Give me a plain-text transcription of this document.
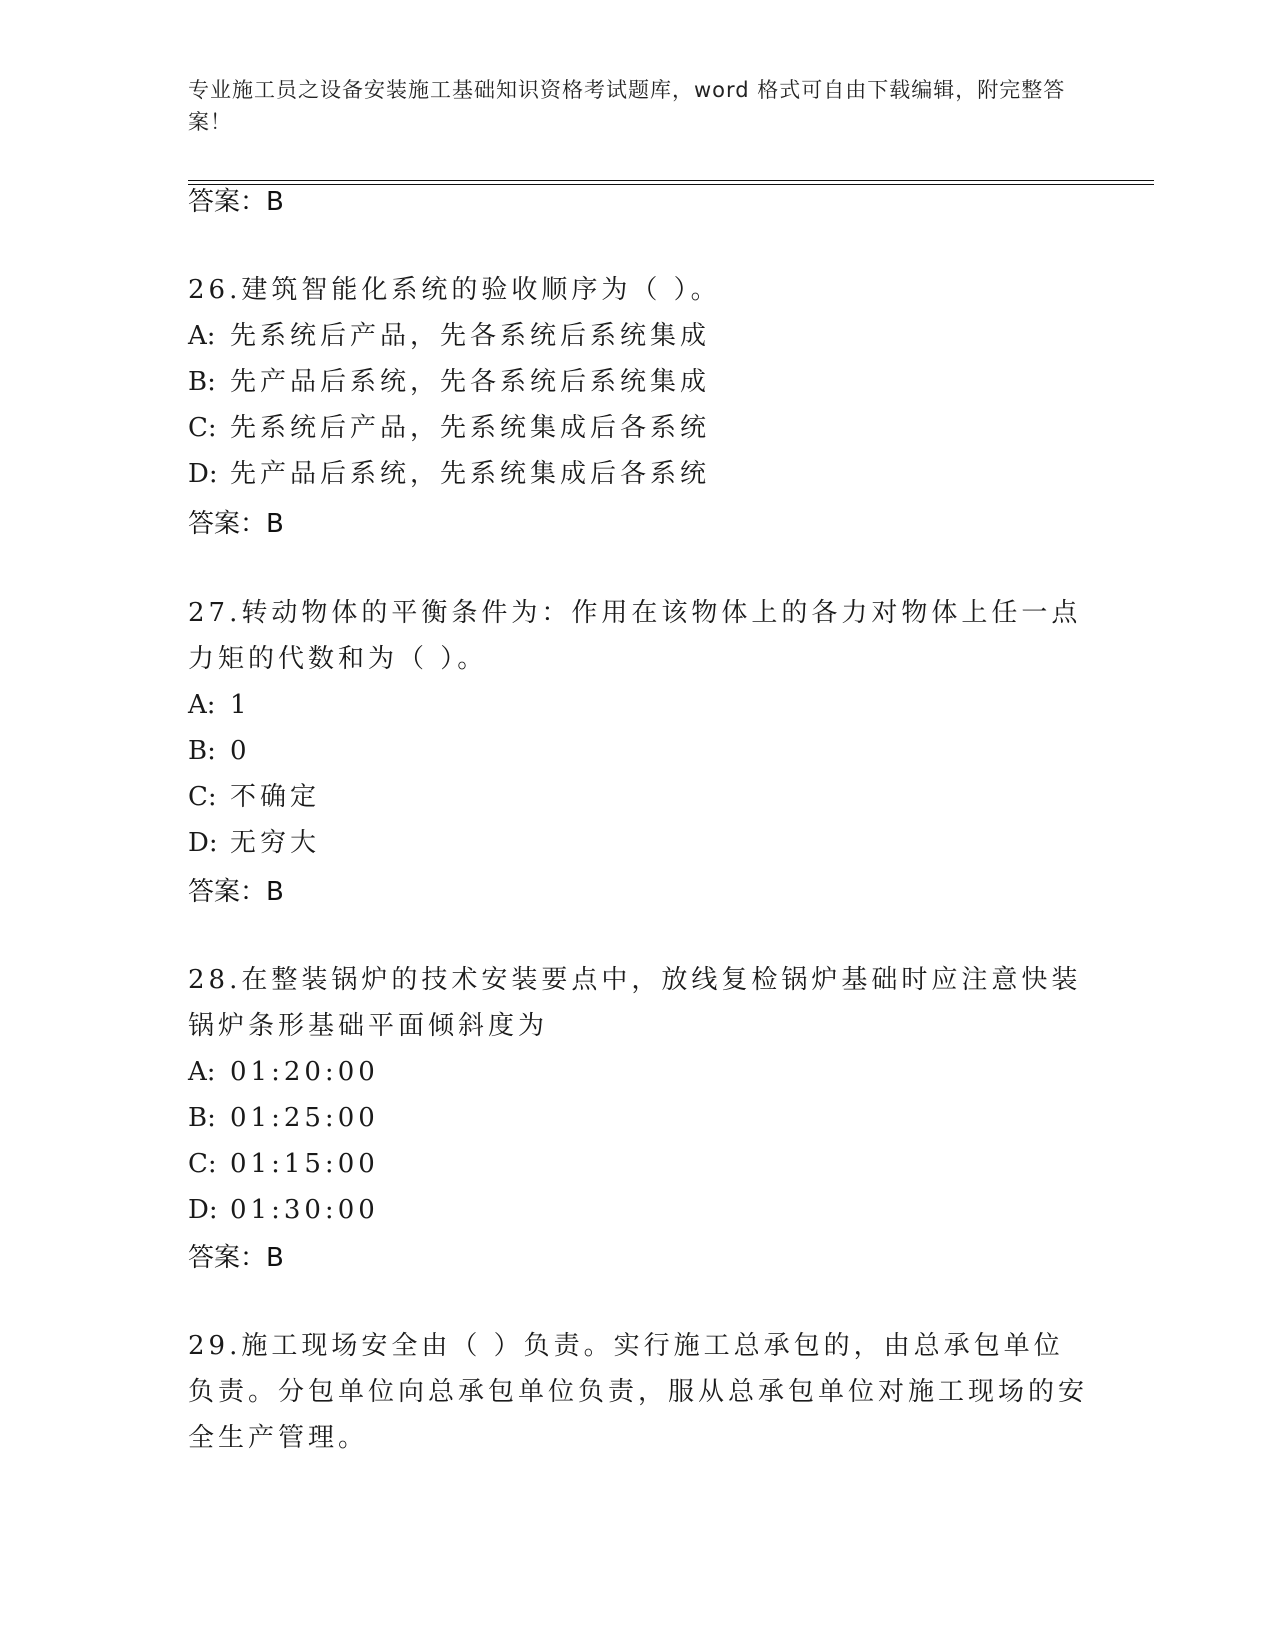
专业施工员之设备安装施工基础知识资格考试题库，word 格式可自由下载编辑，附完整答案！
答案：B

26.建筑智能化系统的验收顺序为（ ）。

A: 先系统后产品，先各系统后系统集成
B: 先产品后系统，先各系统后系统集成
C: 先系统后产品，先系统集成后各系统
D: 先产品后系统，先系统集成后各系统
答案：B

27.转动物体的平衡条件为：作用在该物体上的各力对物体上任一点力矩的代数和为（ ）。

A: 1
B: 0
C: 不确定
D: 无穷大
答案：B

28.在整装锅炉的技术安装要点中，放线复检锅炉基础时应注意快装锅炉条形基础平面倾斜度为

A: 01:20:00
B: 01:25:00
C: 01:15:00
D: 01:30:00
答案：B

29.施工现场安全由（ ）负责。实行施工总承包的，由总承包单位负责。分包单位向总承包单位负责，服从总承包单位对施工现场的安全生产管理。
